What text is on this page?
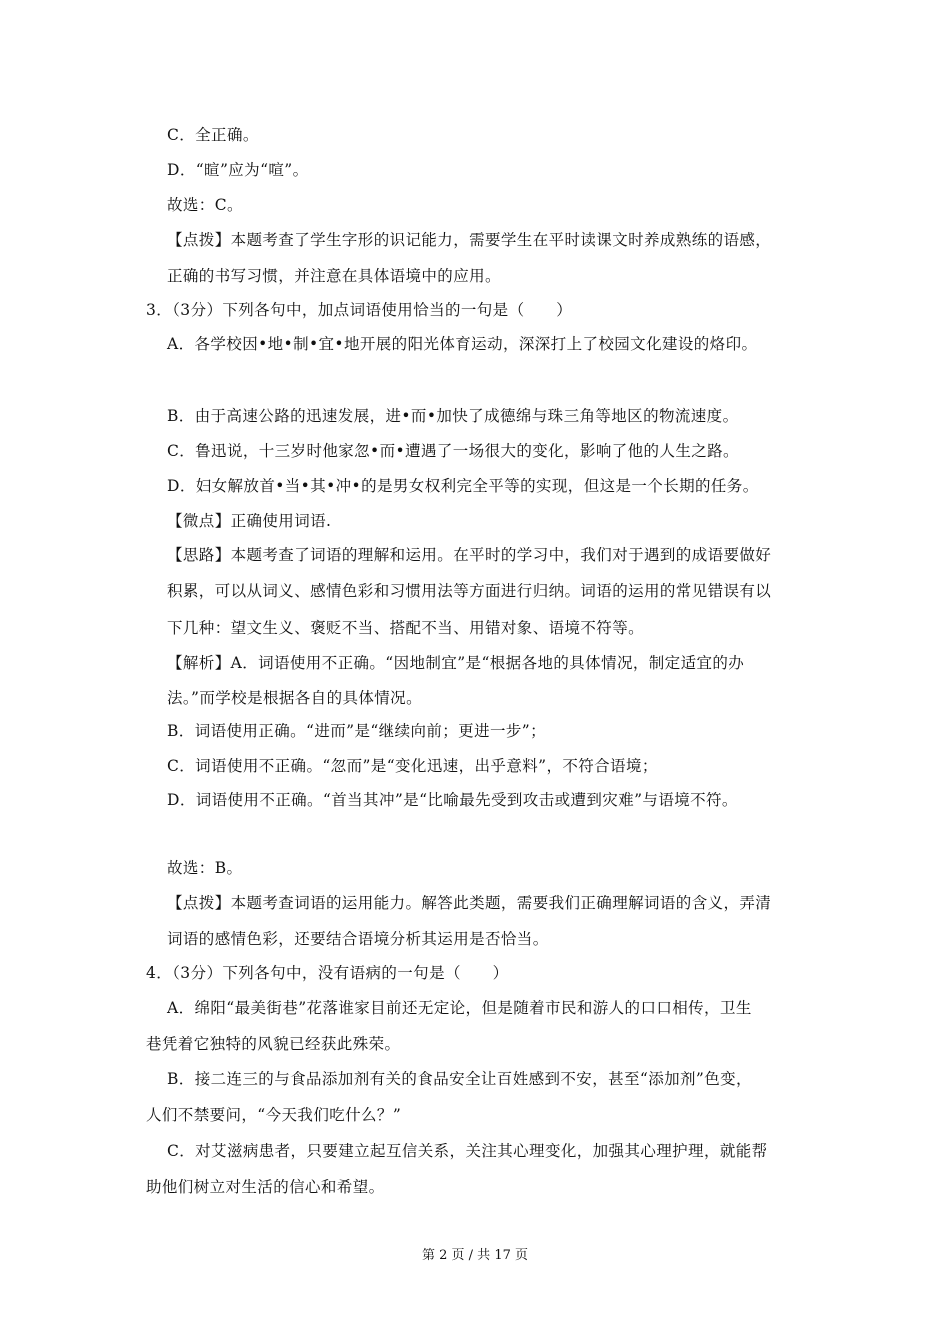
C．全正确。
D．“暄”应为“喧”。
故选：C。
【点拨】本题考查了学生字形的识记能力，需要学生在平时读课文时养成熟练的语感，
正确的书写习惯，并注意在具体语境中的应用。
3．（3分）下列各句中，加点词语使用恰当的一句是（　　）
A．各学校因•地•制•宜•地开展的阳光体育运动，深深打上了校园文化建设的烙印。
B．由于高速公路的迅速发展，进•而•加快了成德绵与珠三角等地区的物流速度。
C．鲁迅说，十三岁时他家忽•而•遭遇了一场很大的变化，影响了他的人生之路。
D．妇女解放首•当•其•冲•的是男女权利完全平等的实现，但这是一个长期的任务。
【微点】正确使用词语.
【思路】本题考查了词语的理解和运用。在平时的学习中，我们对于遇到的成语要做好
积累，可以从词义、感情色彩和习惯用法等方面进行归纳。词语的运用的常见错误有以
下几种：望文生义、褒贬不当、搭配不当、用错对象、语境不符等。
【解析】A．词语使用不正确。“因地制宜”是“根据各地的具体情况，制定适宜的办
法。”而学校是根据各自的具体情况。
B．词语使用正确。“进而”是“继续向前；更进一步”；
C．词语使用不正确。“忽而”是“变化迅速，出乎意料”，不符合语境；
D．词语使用不正确。“首当其冲”是“比喻最先受到攻击或遭到灾难”与语境不符。
故选：B。
【点拨】本题考查词语的运用能力。解答此类题，需要我们正确理解词语的含义，弄清
词语的感情色彩，还要结合语境分析其运用是否恰当。
4．（3分）下列各句中，没有语病的一句是（　　）
A．绵阳“最美街巷”花落谁家目前还无定论，但是随着市民和游人的口口相传，卫生
巷凭着它独特的风貌已经获此殊荣。
B．接二连三的与食品添加剂有关的食品安全让百姓感到不安，甚至“添加剂”色变，
人们不禁要问，“今天我们吃什么？”
C．对艾滋病患者，只要建立起互信关系，关注其心理变化，加强其心理护理，就能帮
助他们树立对生活的信心和希望。
第 2 页 / 共 17 页
